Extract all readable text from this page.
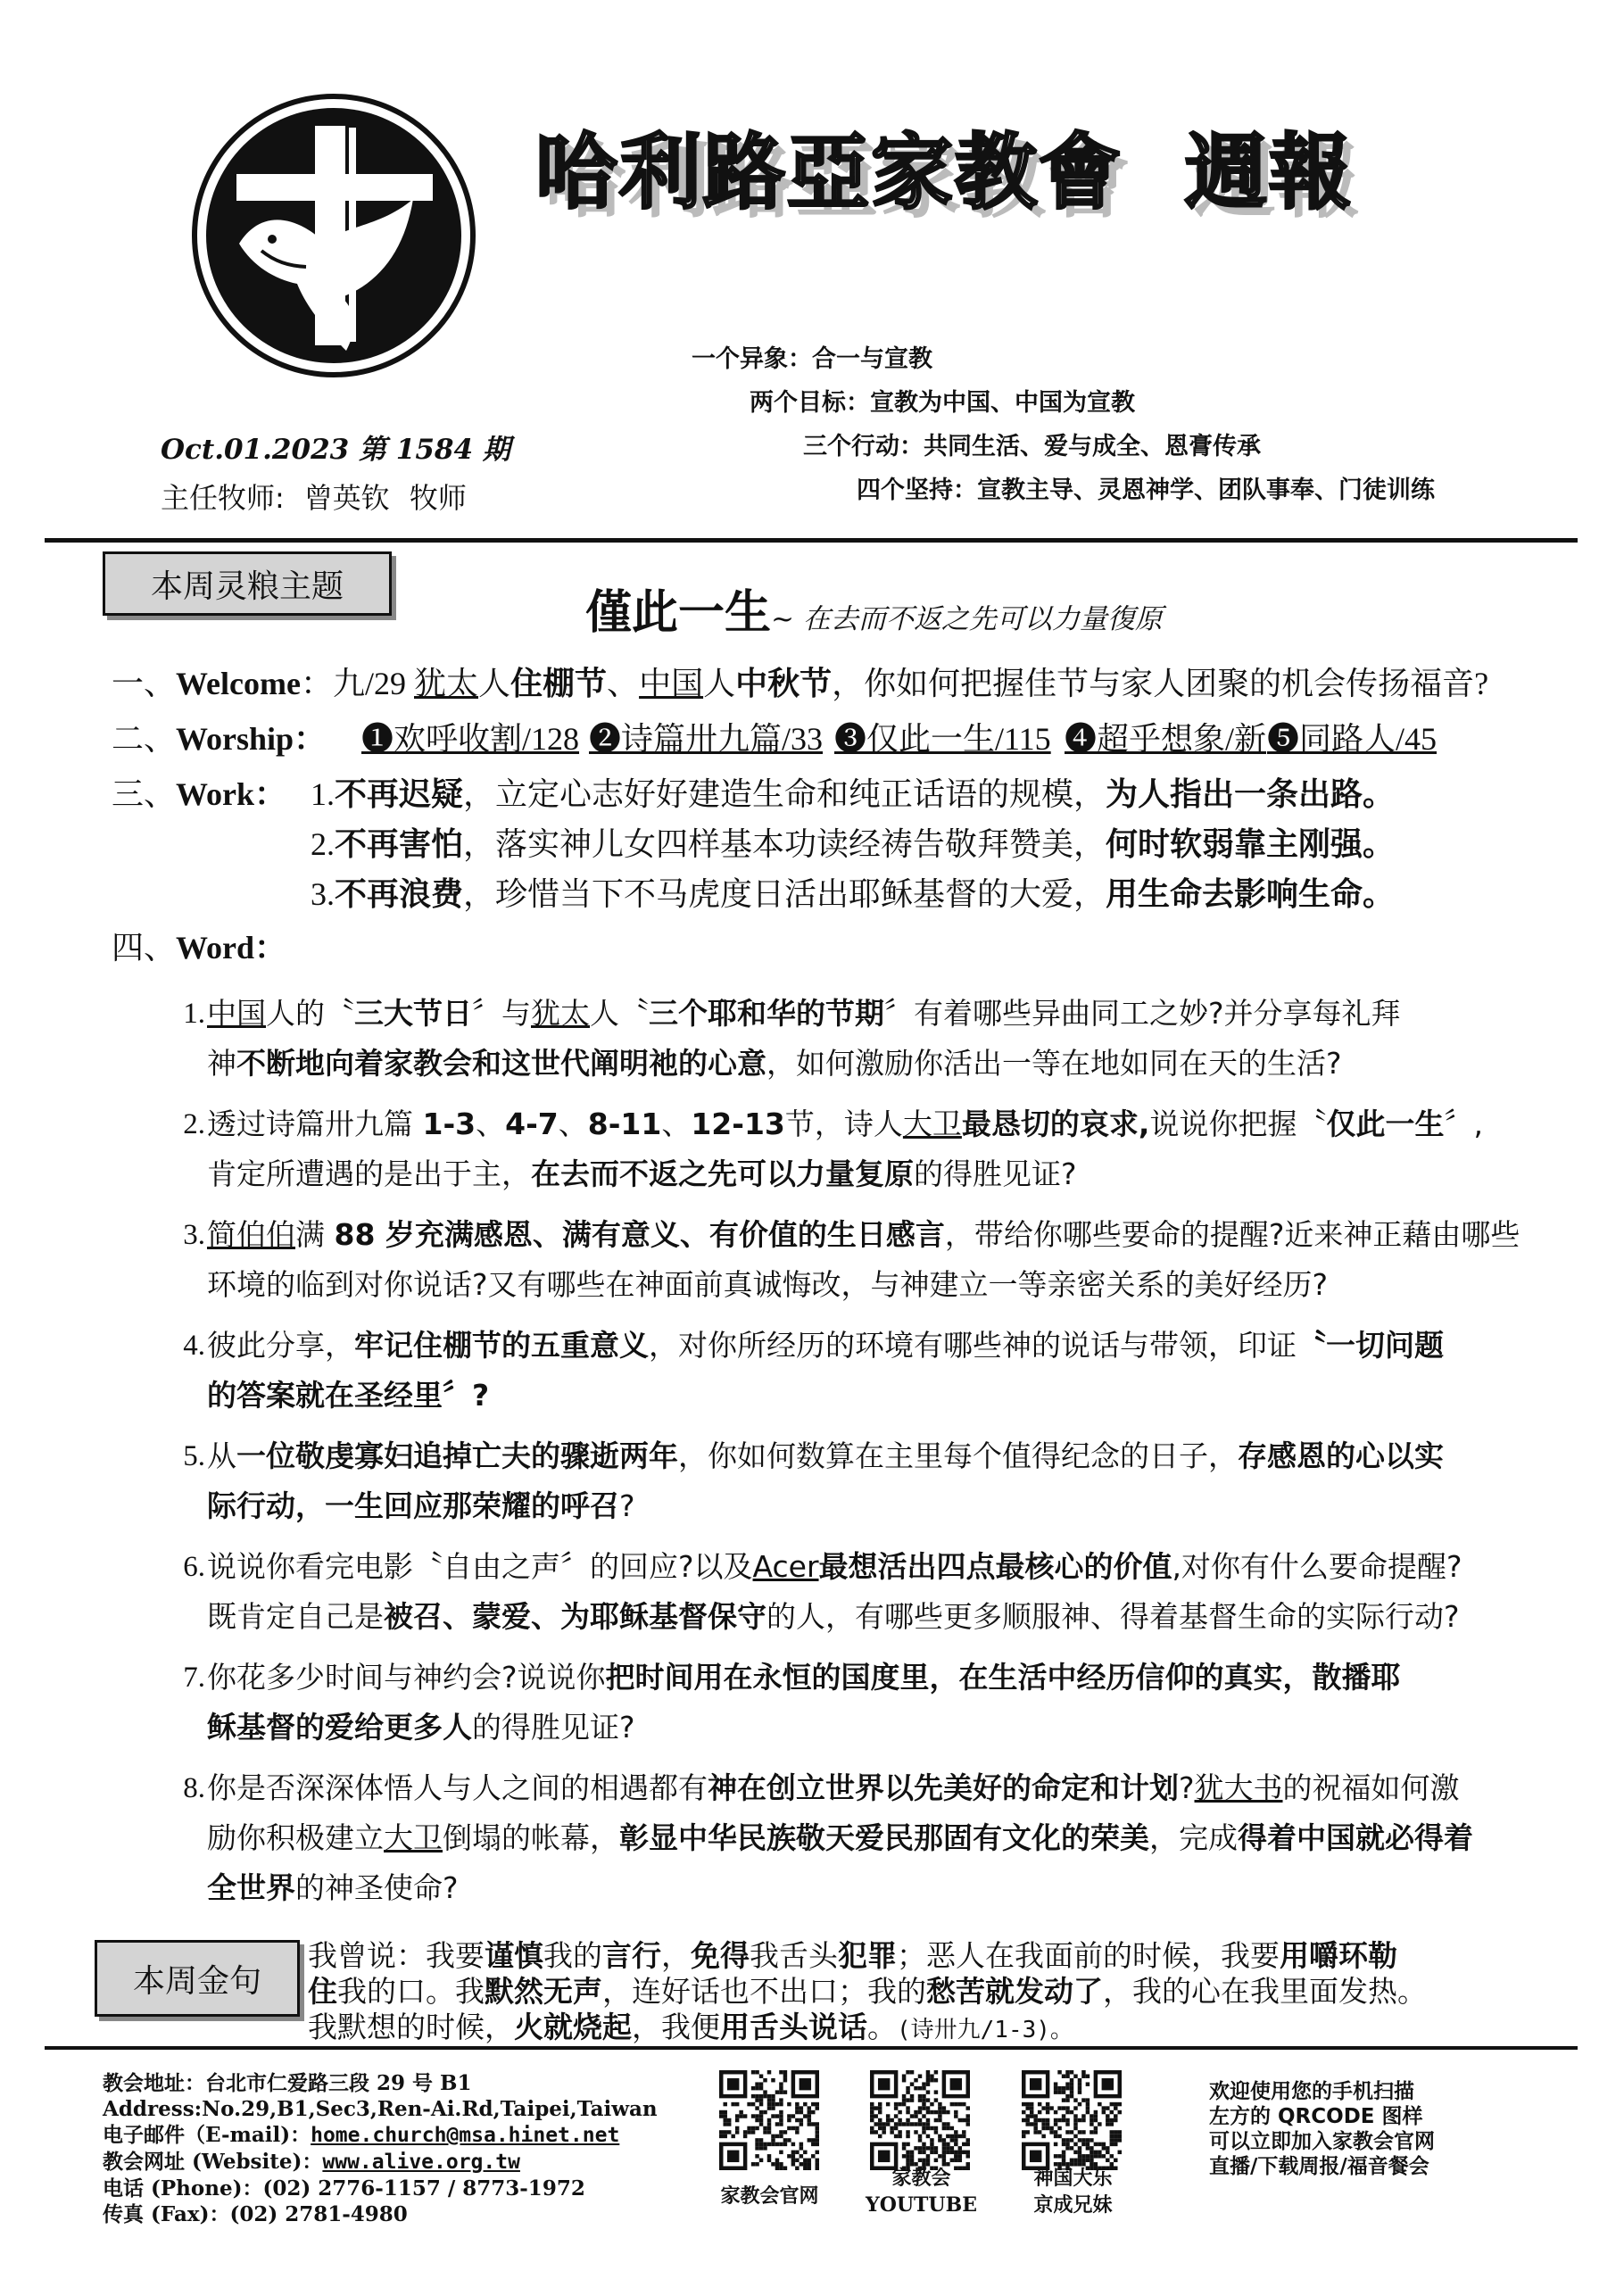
哈利路亞家教會 週報
一个异象：合一与宣教
两个目标：宣教为中国、中国为宣教
三个行动：共同生活、爱与成全、恩膏传承
四个坚持：宣教主导、灵恩神学、团队事奉、门徒训练
Oct.01.2023 第 1584 期
主任牧师: 曾英钦 牧师
本周灵粮主题	僅此一生~ 在去而不返之先可以力量復原
一、Welcome：九/29 犹太人住棚节、中国人中秋节，你如何把握佳节与家人团聚的机会传扬福音?
二、Worship： ❶欢呼收割/128 ❷诗篇卅九篇/33 ❸仅此一生/115 ❹超乎想象/新 ❺同路人/45
三、Work： 1.不再迟疑，立定心志好好建造生命和纯正话语的规模，为人指出一条出路。
2.不再害怕，落实神儿女四样基本功读经祷告敬拜赞美，何时软弱靠主刚强。
3.不再浪费，珍惜当下不马虎度日活出耶稣基督的大爱，用生命去影响生命。
四、Word：
1. 中国人的〝三大节日〞与犹太人〝三个耶和华的节期〞有着哪些异曲同工之妙?并分享每礼拜
神不断地向着家教会和这世代阐明祂的心意，如何激励你活出一等在地如同在天的生活?
2. 透过诗篇卅九篇 1-3、4-7、8-11、12-13节，诗人大卫最恳切的哀求,说说你把握〝仅此一生〞,
肯定所遭遇的是出于主，在去而不返之先可以力量复原的得胜见证?
3. 简伯伯满 88 岁充满感恩、满有意义、有价值的生日感言，带给你哪些要命的提醒?近来神正藉由哪些
环境的临到对你说话?又有哪些在神面前真诚悔改，与神建立一等亲密关系的美好经历?
4. 彼此分享，牢记住棚节的五重意义，对你所经历的环境有哪些神的说话与带领，印证〝一切问题
的答案就在圣经里〞?
5. 从一位敬虔寡妇追掉亡夫的骤逝两年，你如何数算在主里每个值得纪念的日子，存感恩的心以实
际行动，一生回应那荣耀的呼召?
6. 说说你看完电影〝自由之声〞的回应?以及Acer最想活出四点最核心的价值,对你有什么要命提醒?
既肯定自己是被召、蒙爱、为耶稣基督保守的人，有哪些更多顺服神、得着基督生命的实际行动?
7. 你花多少时间与神约会?说说你把时间用在永恒的国度里，在生活中经历信仰的真实，散播耶
稣基督的爱给更多人的得胜见证?
8. 你是否深深体悟人与人之间的相遇都有神在创立世界以先美好的命定和计划?犹大书的祝福如何激
励你积极建立大卫倒塌的帐幕，彰显中华民族敬天爱民那固有文化的荣美，完成得着中国就必得着
全世界的神圣使命?
本周金句
我曾说：我要谨慎我的言行，免得我舌头犯罪；恶人在我面前的时候，我要用嚼环勒
住我的口。我默然无声，连好话也不出口；我的愁苦就发动了，我的心在我里面发热。
我默想的时候，火就烧起，我便用舌头说话。(诗卅九/1-3)。
教会地址：台北市仁爱路三段 29 号 B1
Address:No.29,B1,Sec3,Ren-Ai.Rd,Taipei,Taiwan
电子邮件（E-mail)：home.church@msa.hinet.net
教会网址 (Website)：www.alive.org.tw
电话 (Phone)：(02) 2776-1157 / 8773-1972
传真 (Fax)：(02) 2781-4980
家教会官网
家教会
YOUTUBE
神国大乐
京成兄妹
欢迎使用您的手机扫描
左方的 QRCODE 图样
可以立即加入家教会官网
直播/下载周报/福音餐会
